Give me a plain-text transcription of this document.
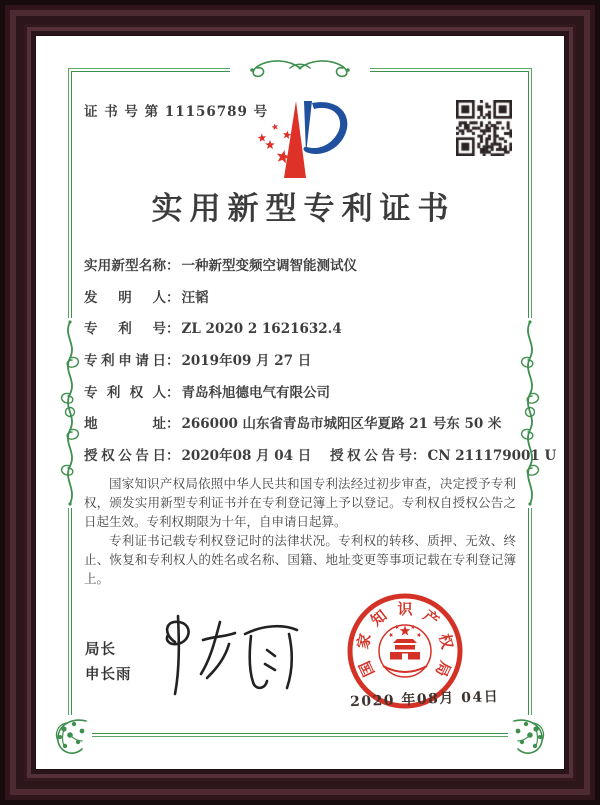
证 书 号 第 11156789 号
实用新型专利证书
实用新型名称： 一种新型变频空调智能测试仪
发明人： 汪韬
专利号： ZL 2020 2 1621632.4
专利申请日： 2019年09 月 27 日
专利权人： 青岛科旭德电气有限公司
地址： 266000 山东省青岛市城阳区华夏路 21 号东 50 米
授权公告日： 2020年08 月 04 日 授权公告号： CN 211179001 U

国家知识产权局依照中华人民共和国专利法经过初步审查，决定授予专利权，颁发实用新型专利证书并在专利登记簿上予以登记。专利权自授权公告之日起生效。专利权期限为十年，自申请日起算。

专利证书记载专利权登记时的法律状况。专利权的转移、质押、无效、终止、恢复和专利权人的姓名或名称、国籍、地址变更等事项记载在专利登记簿上。

局长
申长雨	国
家
知 识 产
权
局
2020 年08月 04日
